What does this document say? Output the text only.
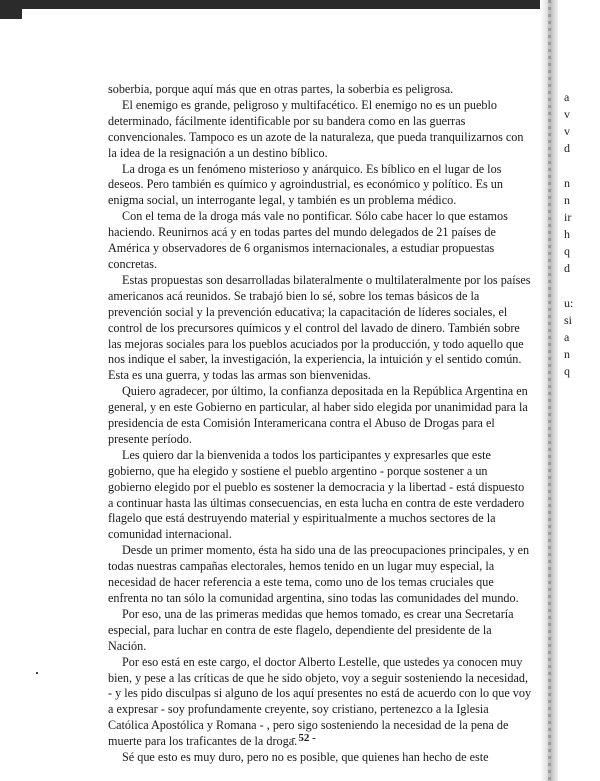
a
v
v
d
n
n
ir
h
q
d
u:
si
a
n
q

soberbia, porque aquí más que en otras partes, la soberbia es peligrosa.

El enemigo es grande, peligroso y multifacético. El enemigo no es un pueblo determinado, fácilmente identificable por su bandera como en las guerras convencionales. Tampoco es un azote de la naturaleza, que pueda tranquilizarnos con la idea de la resignación a un destino bíblico.

La droga es un fenómeno misterioso y anárquico. Es bíblico en el lugar de los deseos. Pero también es químico y agroindustrial, es económico y político. Es un enigma social, un interrogante legal, y también es un problema médico.

Con el tema de la droga más vale no pontificar. Sólo cabe hacer lo que estamos haciendo. Reunirnos acá y en todas partes del mundo delegados de 21 países de América y observadores de 6 organismos internacionales, a estudiar propuestas concretas.

Estas propuestas son desarrolladas bilateralmente o multilateralmente por los países americanos acá reunidos. Se trabajó bien lo sé, sobre los temas básicos de la prevención social y la prevención educativa; la capacitación de líderes sociales, el control de los precursores químicos y el control del lavado de dinero. También sobre las mejoras sociales para los pueblos acuciados por la producción, y todo aquello que nos indique el saber, la investigación, la experiencia, la intuición y el sentido común. Esta es una guerra, y todas las armas son bienvenidas.

Quiero agradecer, por último, la confianza depositada en la República Argentina en general, y en este Gobierno en particular, al haber sido elegida por unanimidad para la presidencia de esta Comisión Interamericana contra el Abuso de Drogas para el presente período.

Les quiero dar la bienvenida a todos los participantes y expresarles que este gobierno, que ha elegido y sostiene el pueblo argentino - porque sostener a un gobierno elegido por el pueblo es sostener la democracia y la libertad - está dispuesto a continuar hasta las últimas consecuencias, en esta lucha en contra de este verdadero flagelo que está destruyendo material y espiritualmente a muchos sectores de la comunidad internacional.

Desde un primer momento, ésta ha sido una de las preocupaciones principales, y en todas nuestras campañas electorales, hemos tenido en un lugar muy especial, la necesidad de hacer referencia a este tema, como uno de los temas cruciales que enfrenta no tan sólo la comunidad argentina, sino todas las comunidades del mundo.

Por eso, una de las primeras medidas que hemos tomado, es crear una Secretaría especial, para luchar en contra de este flagelo, dependiente del presidente de la Nación.

Por eso está en este cargo, el doctor Alberto Lestelle, que ustedes ya conocen muy bien, y pese a las críticas de que he sido objeto, voy a seguir sosteniendo la necesidad, - y les pido disculpas si alguno de los aquí presentes no está de acuerdo con lo que voy a expresar - soy profundamente creyente, soy cristiano, pertenezco a la Iglesia Católica Apostólica y Romana - , pero sigo sosteniendo la necesidad de la pena de muerte para los traficantes de la droga.

Sé que esto es muy duro, pero no es posible, que quienes han hecho de este

- 52 -
